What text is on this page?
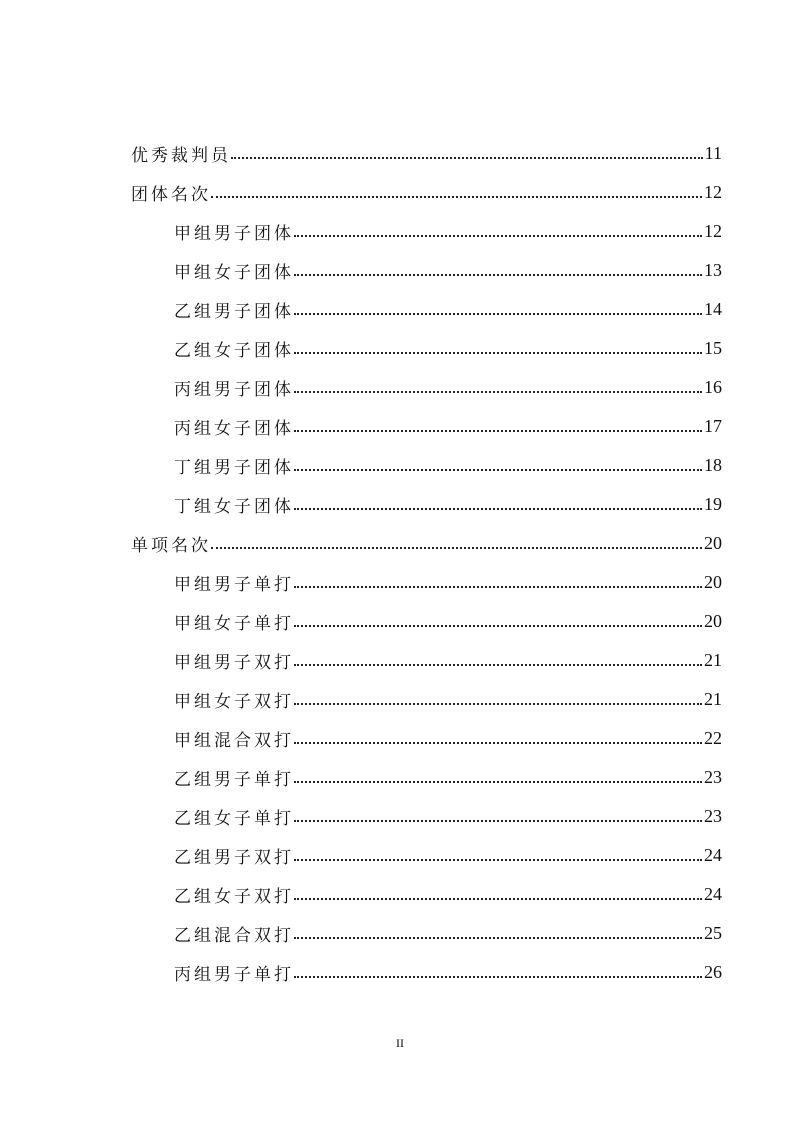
优秀裁判员	11
团体名次	12
甲组男子团体	12
甲组女子团体	13
乙组男子团体	14
乙组女子团体	15
丙组男子团体	16
丙组女子团体	17
丁组男子团体	18
丁组女子团体	19
单项名次	20
甲组男子单打	20
甲组女子单打	20
甲组男子双打	21
甲组女子双打	21
甲组混合双打	22
乙组男子单打	23
乙组女子单打	23
乙组男子双打	24
乙组女子双打	24
乙组混合双打	25
丙组男子单打	26
II
